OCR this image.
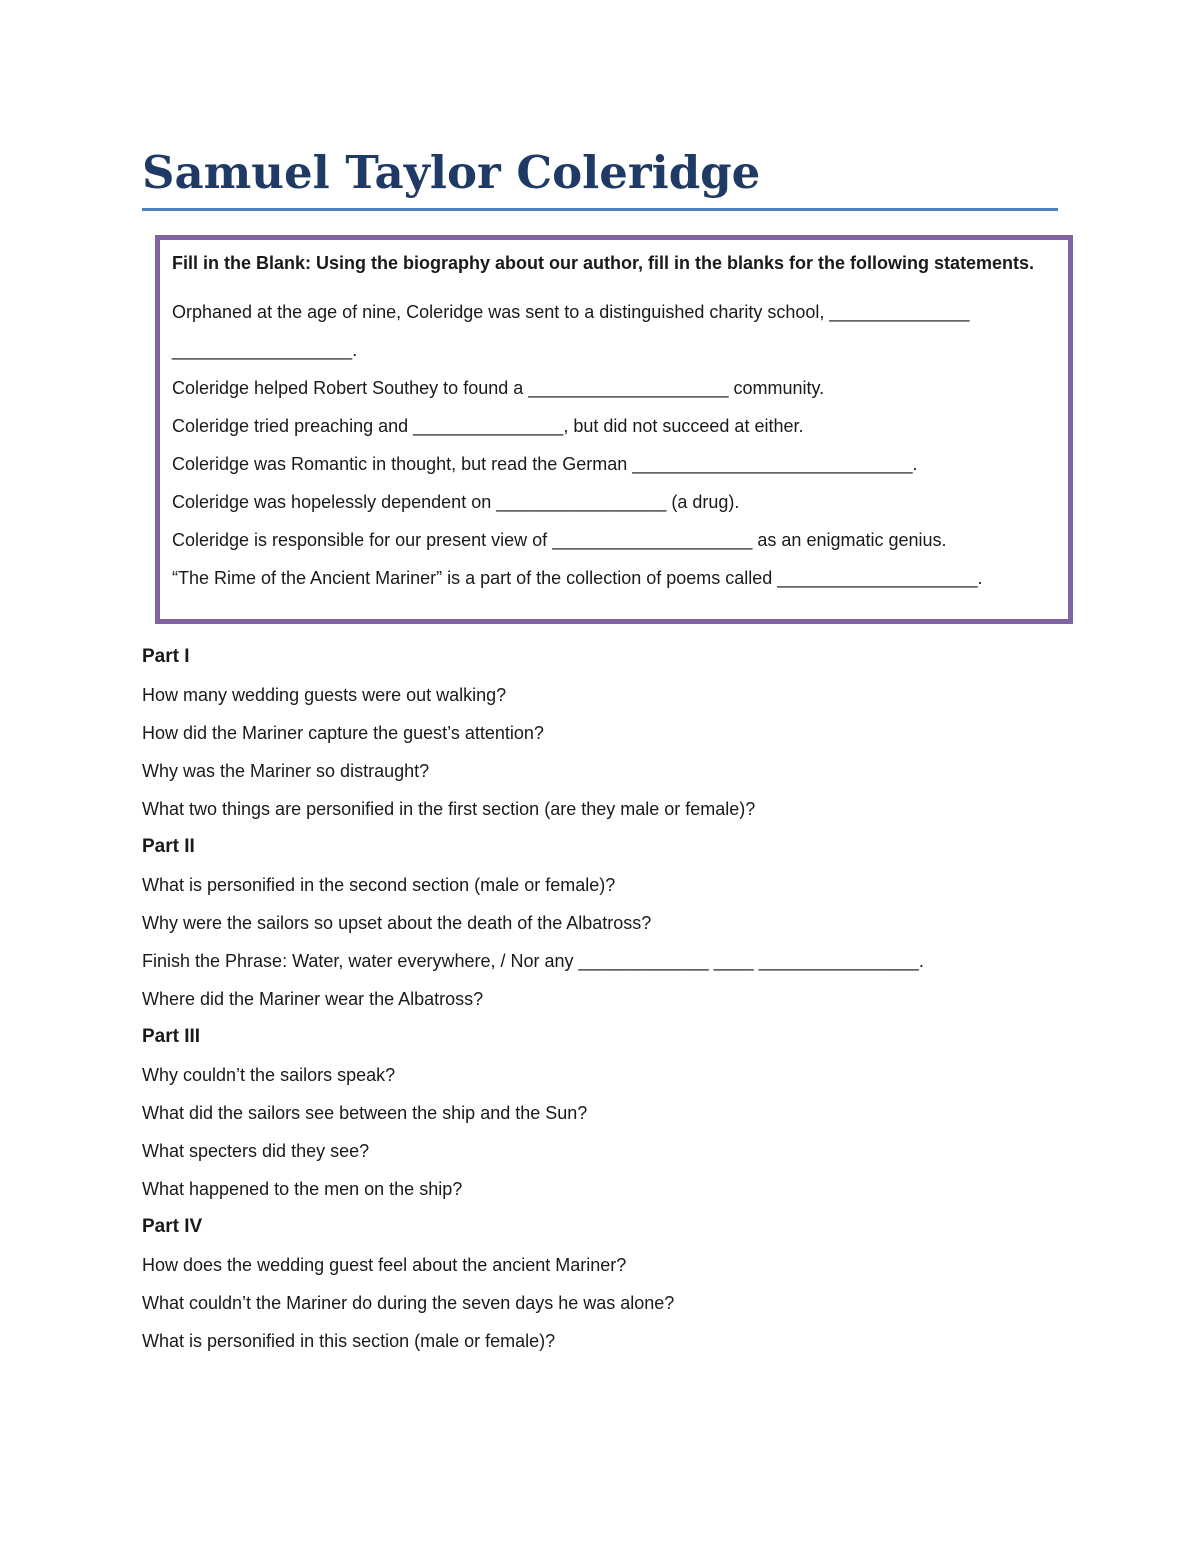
Samuel Taylor Coleridge

Fill in the Blank: Using the biography about our author, fill in the blanks for the following statements.

Orphaned at the age of nine, Coleridge was sent to a distinguished charity school, ______________ __________________.

Coleridge helped Robert Southey to found a ____________________ community.

Coleridge tried preaching and _______________, but did not succeed at either.

Coleridge was Romantic in thought, but read the German ____________________________.

Coleridge was hopelessly dependent on _________________ (a drug).

Coleridge is responsible for our present view of ____________________ as an enigmatic genius.

“The Rime of the Ancient Mariner” is a part of the collection of poems called ____________________.

Part I

How many wedding guests were out walking?

How did the Mariner capture the guest’s attention?

Why was the Mariner so distraught?

What two things are personified in the first section (are they male or female)?

Part II

What is personified in the second section (male or female)?

Why were the sailors so upset about the death of the Albatross?

Finish the Phrase: Water, water everywhere, / Nor any _____________ ____ ________________.

Where did the Mariner wear the Albatross?

Part III

Why couldn’t the sailors speak?

What did the sailors see between the ship and the Sun?

What specters did they see?

What happened to the men on the ship?

Part IV

How does the wedding guest feel about the ancient Mariner?

What couldn’t the Mariner do during the seven days he was alone?

What is personified in this section (male or female)?
